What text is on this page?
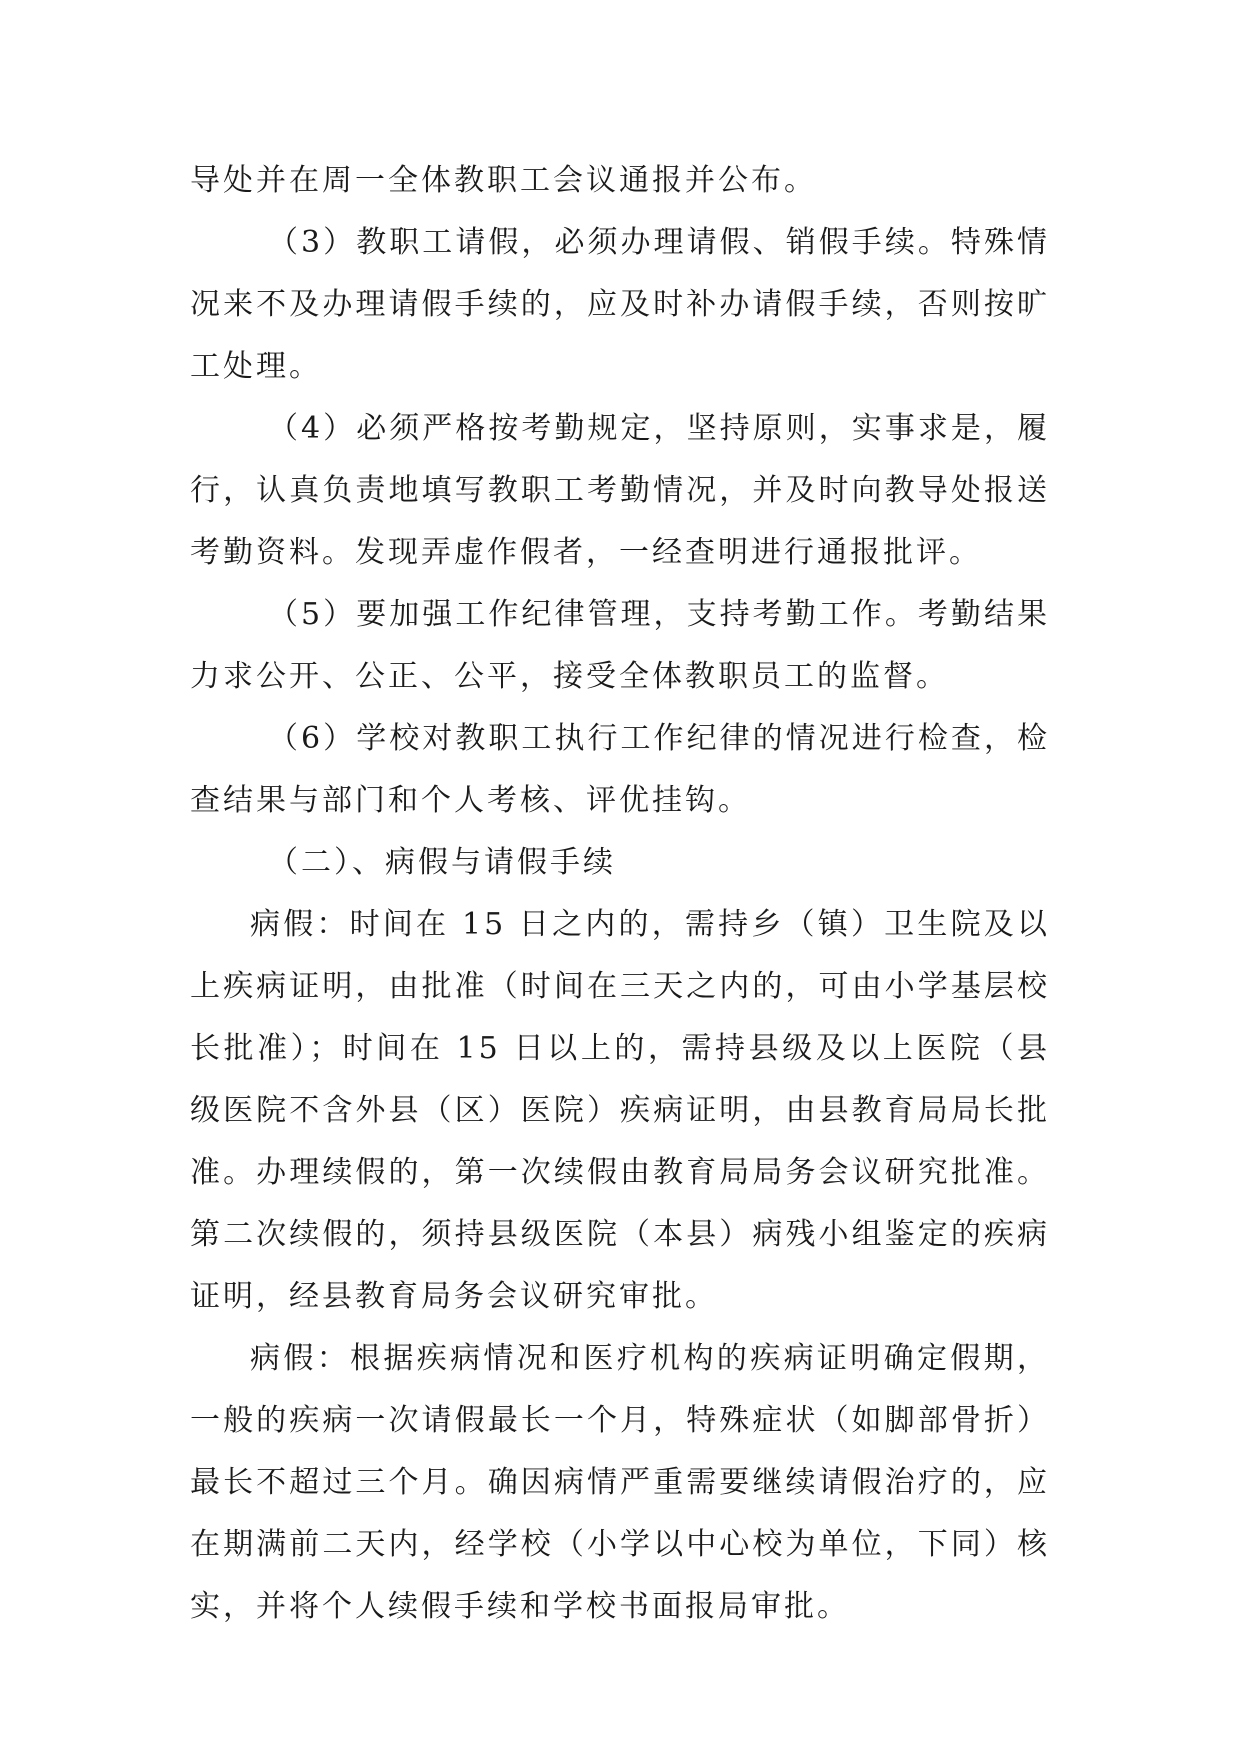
导处并在周一全体教职工会议通报并公布。

（3）教职工请假，必须办理请假、销假手续。特殊情况来不及办理请假手续的，应及时补办请假手续，否则按旷工处理。

（4）必须严格按考勤规定，坚持原则，实事求是，履行，认真负责地填写教职工考勤情况，并及时向教导处报送考勤资料。发现弄虚作假者，一经查明进行通报批评。

（5）要加强工作纪律管理，支持考勤工作。考勤结果力求公开、公正、公平，接受全体教职员工的监督。

（6）学校对教职工执行工作纪律的情况进行检查，检查结果与部门和个人考核、评优挂钩。

（二）、病假与请假手续

病假：时间在 15 日之内的，需持乡（镇）卫生院及以上疾病证明，由批准（时间在三天之内的，可由小学基层校长批准）；时间在 15 日以上的，需持县级及以上医院（县级医院不含外县（区）医院）疾病证明，由县教育局局长批准。办理续假的，第一次续假由教育局局务会议研究批准。第二次续假的，须持县级医院（本县）病残小组鉴定的疾病证明，经县教育局务会议研究审批。

病假：根据疾病情况和医疗机构的疾病证明确定假期，一般的疾病一次请假最长一个月，特殊症状（如脚部骨折）最长不超过三个月。确因病情严重需要继续请假治疗的，应在期满前二天内，经学校（小学以中心校为单位，下同）核实，并将个人续假手续和学校书面报局审批。
